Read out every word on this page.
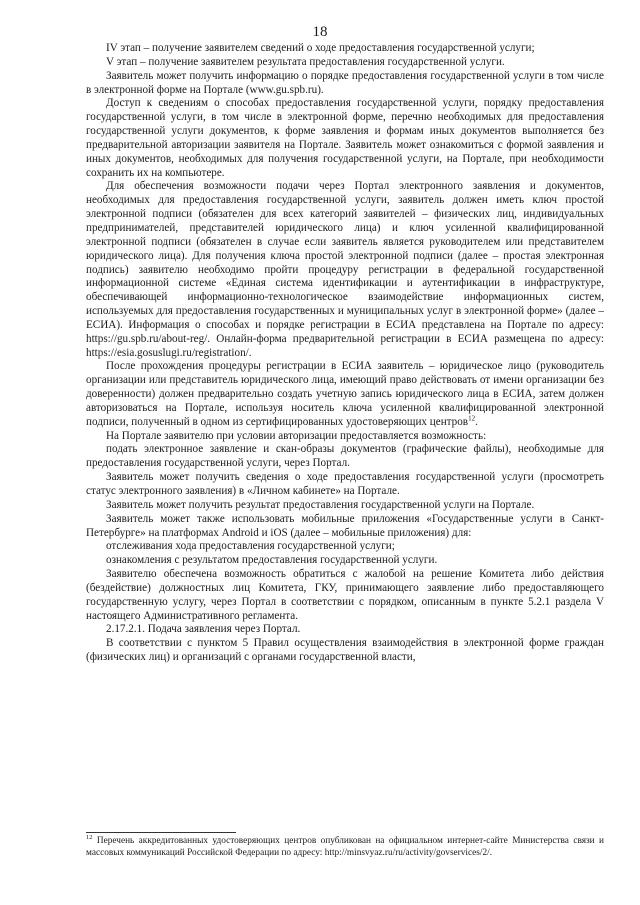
18

IV этап – получение заявителем сведений о ходе предоставления государственной услуги;

V этап – получение заявителем результата предоставления государственной услуги.

Заявитель может получить информацию о порядке предоставления государственной услуги в том числе в электронной форме на Портале (www.gu.spb.ru).

Доступ к сведениям о способах предоставления государственной услуги, порядку предоставления государственной услуги, в том числе в электронной форме, перечню необходимых для предоставления государственной услуги документов, к форме заявления и формам иных документов выполняется без предварительной авторизации заявителя на Портале. Заявитель может ознакомиться с формой заявления и иных документов, необходимых для получения государственной услуги, на Портале, при необходимости сохранить их на компьютере.

Для обеспечения возможности подачи через Портал электронного заявления и документов, необходимых для предоставления государственной услуги, заявитель должен иметь ключ простой электронной подписи (обязателен для всех категорий заявителей – физических лиц, индивидуальных предпринимателей, представителей юридического лица) и ключ усиленной квалифицированной электронной подписи (обязателен в случае если заявитель является руководителем или представителем юридического лица). Для получения ключа простой электронной подписи (далее – простая электронная подпись) заявителю необходимо пройти процедуру регистрации в федеральной государственной информационной системе «Единая система идентификации и аутентификации в инфраструктуре, обеспечивающей информационно-технологическое взаимодействие информационных систем, используемых для предоставления государственных и муниципальных услуг в электронной форме» (далее – ЕСИА). Информация о способах и порядке регистрации в ЕСИА представлена на Портале по адресу: https://gu.spb.ru/about-reg/. Онлайн-форма предварительной регистрации в ЕСИА размещена по адресу: https://esia.gosuslugi.ru/registration/.

После прохождения процедуры регистрации в ЕСИА заявитель – юридическое лицо (руководитель организации или представитель юридического лица, имеющий право действовать от имени организации без доверенности) должен предварительно создать учетную запись юридического лица в ЕСИА, затем должен авторизоваться на Портале, используя носитель ключа усиленной квалифицированной электронной подписи, полученный в одном из сертифицированных удостоверяющих центров$^{12}$.

На Портале заявителю при условии авторизации предоставляется возможность:

подать электронное заявление и скан-образы документов (графические файлы), необходимые для предоставления государственной услуги, через Портал.

Заявитель может получить сведения о ходе предоставления государственной услуги (просмотреть статус электронного заявления) в «Личном кабинете» на Портале.

Заявитель может получить результат предоставления государственной услуги на Портале.

Заявитель может также использовать мобильные приложения «Государственные услуги в Санкт-Петербурге» на платформах Android и iOS (далее – мобильные приложения) для:

отслеживания хода предоставления государственной услуги;

ознакомления с результатом предоставления государственной услуги.

Заявителю обеспечена возможность обратиться с жалобой на решение Комитета либо действия (бездействие) должностных лиц Комитета, ГКУ, принимающего заявление либо предоставляющего государственную услугу, через Портал в соответствии с порядком, описанным в пункте 5.2.1 раздела V настоящего Административного регламента.

2.17.2.1. Подача заявления через Портал.

В соответствии с пунктом 5 Правил осуществления взаимодействия в электронной форме граждан (физических лиц) и организаций с органами государственной власти,

$^{12}$ Перечень аккредитованных удостоверяющих центров опубликован на официальном интернет-сайте Министерства связи и массовых коммуникаций Российской Федерации по адресу: http://minsvyaz.ru/ru/activity/govservices/2/.
